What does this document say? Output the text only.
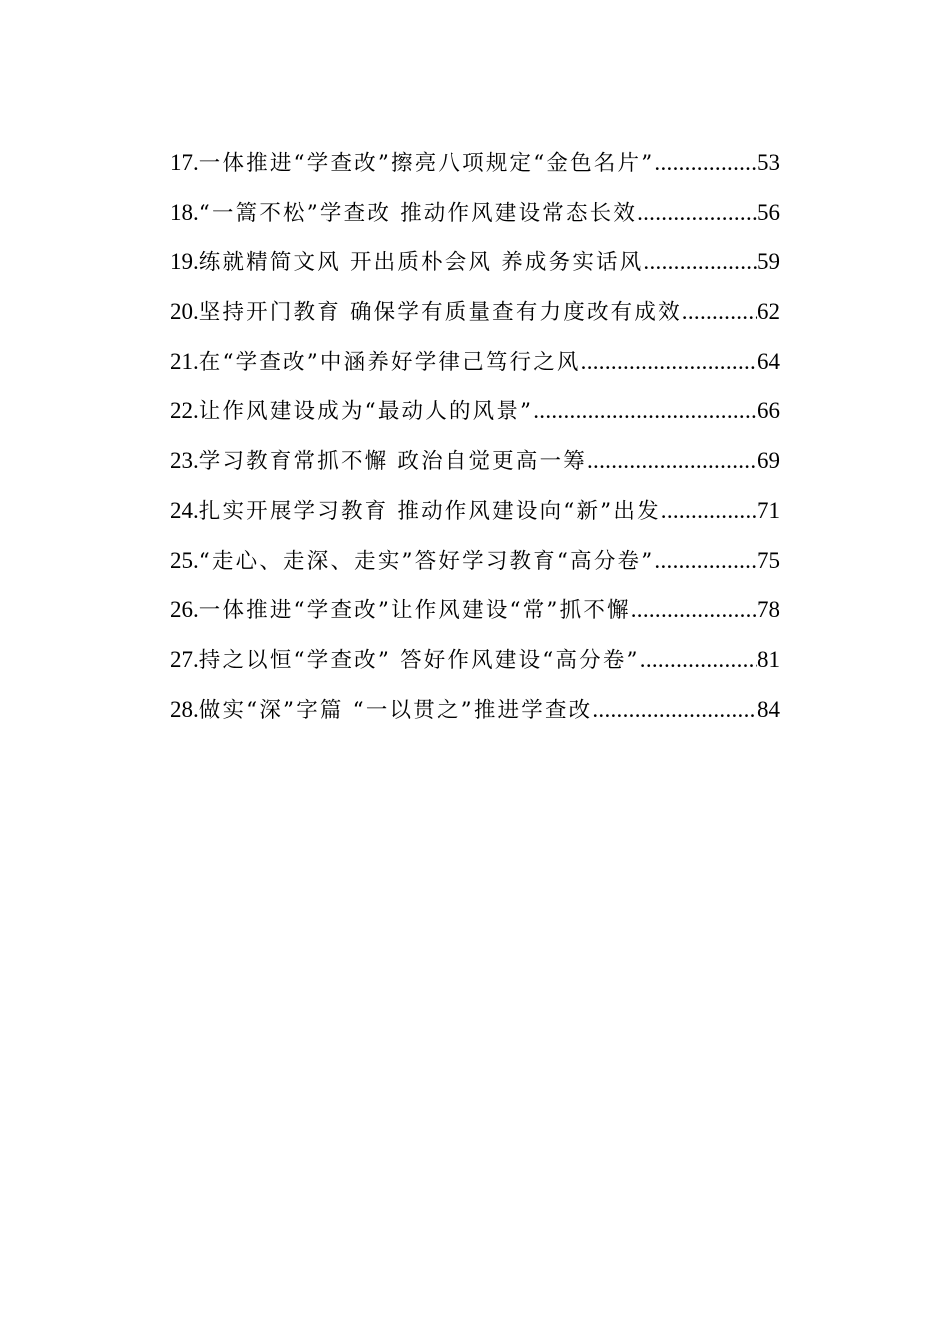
17. 一体推进“学查改”擦亮八项规定“金色名片” .....	53
18. “一篙不松”学查改 推动作风建设常态长效 .....	56
19. 练就精简文风 开出质朴会风 养成务实话风 .....	59
20. 坚持开门教育 确保学有质量查有力度改有成效 .....	62
21. 在“学查改”中涵养好学律己笃行之风 .....	64
22. 让作风建设成为“最动人的风景” .....	66
23. 学习教育常抓不懈 政治自觉更高一筹 .....	69
24. 扎实开展学习教育 推动作风建设向“新”出发 .....	71
25. “走心、走深、走实”答好学习教育“高分卷” .....	75
26. 一体推进“学查改”让作风建设“常”抓不懈 .....	78
27. 持之以恒“学查改” 答好作风建设“高分卷” .....	81
28. 做实“深”字篇 “一以贯之”推进学查改 .....	84
